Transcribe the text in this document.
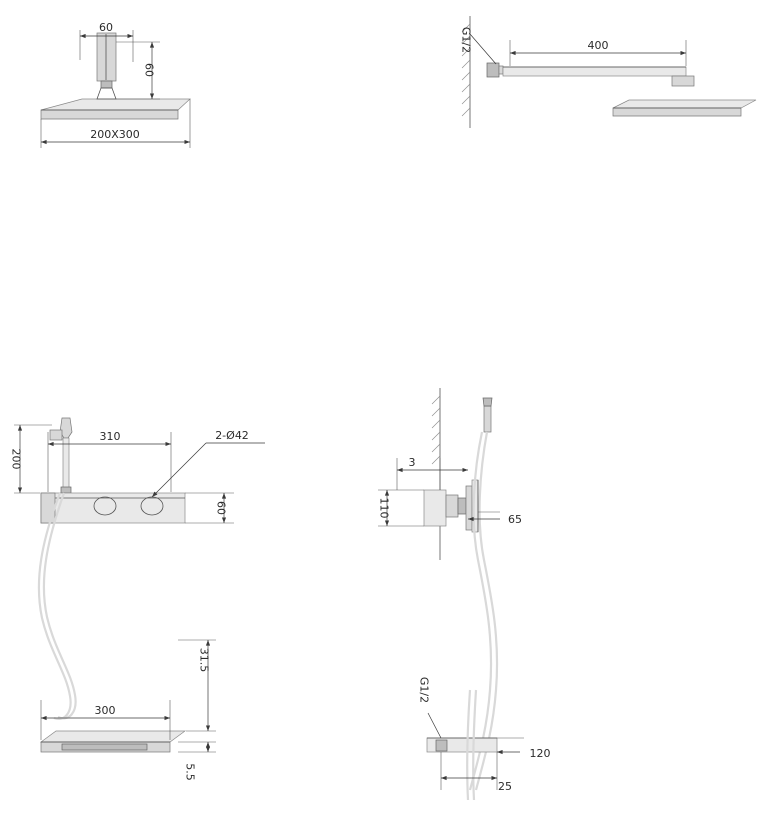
60
60
200X300
G1/2	400
200
310	2-Ø42
60
3
110
65
31.5
300
5.5
G1/2
120
25
